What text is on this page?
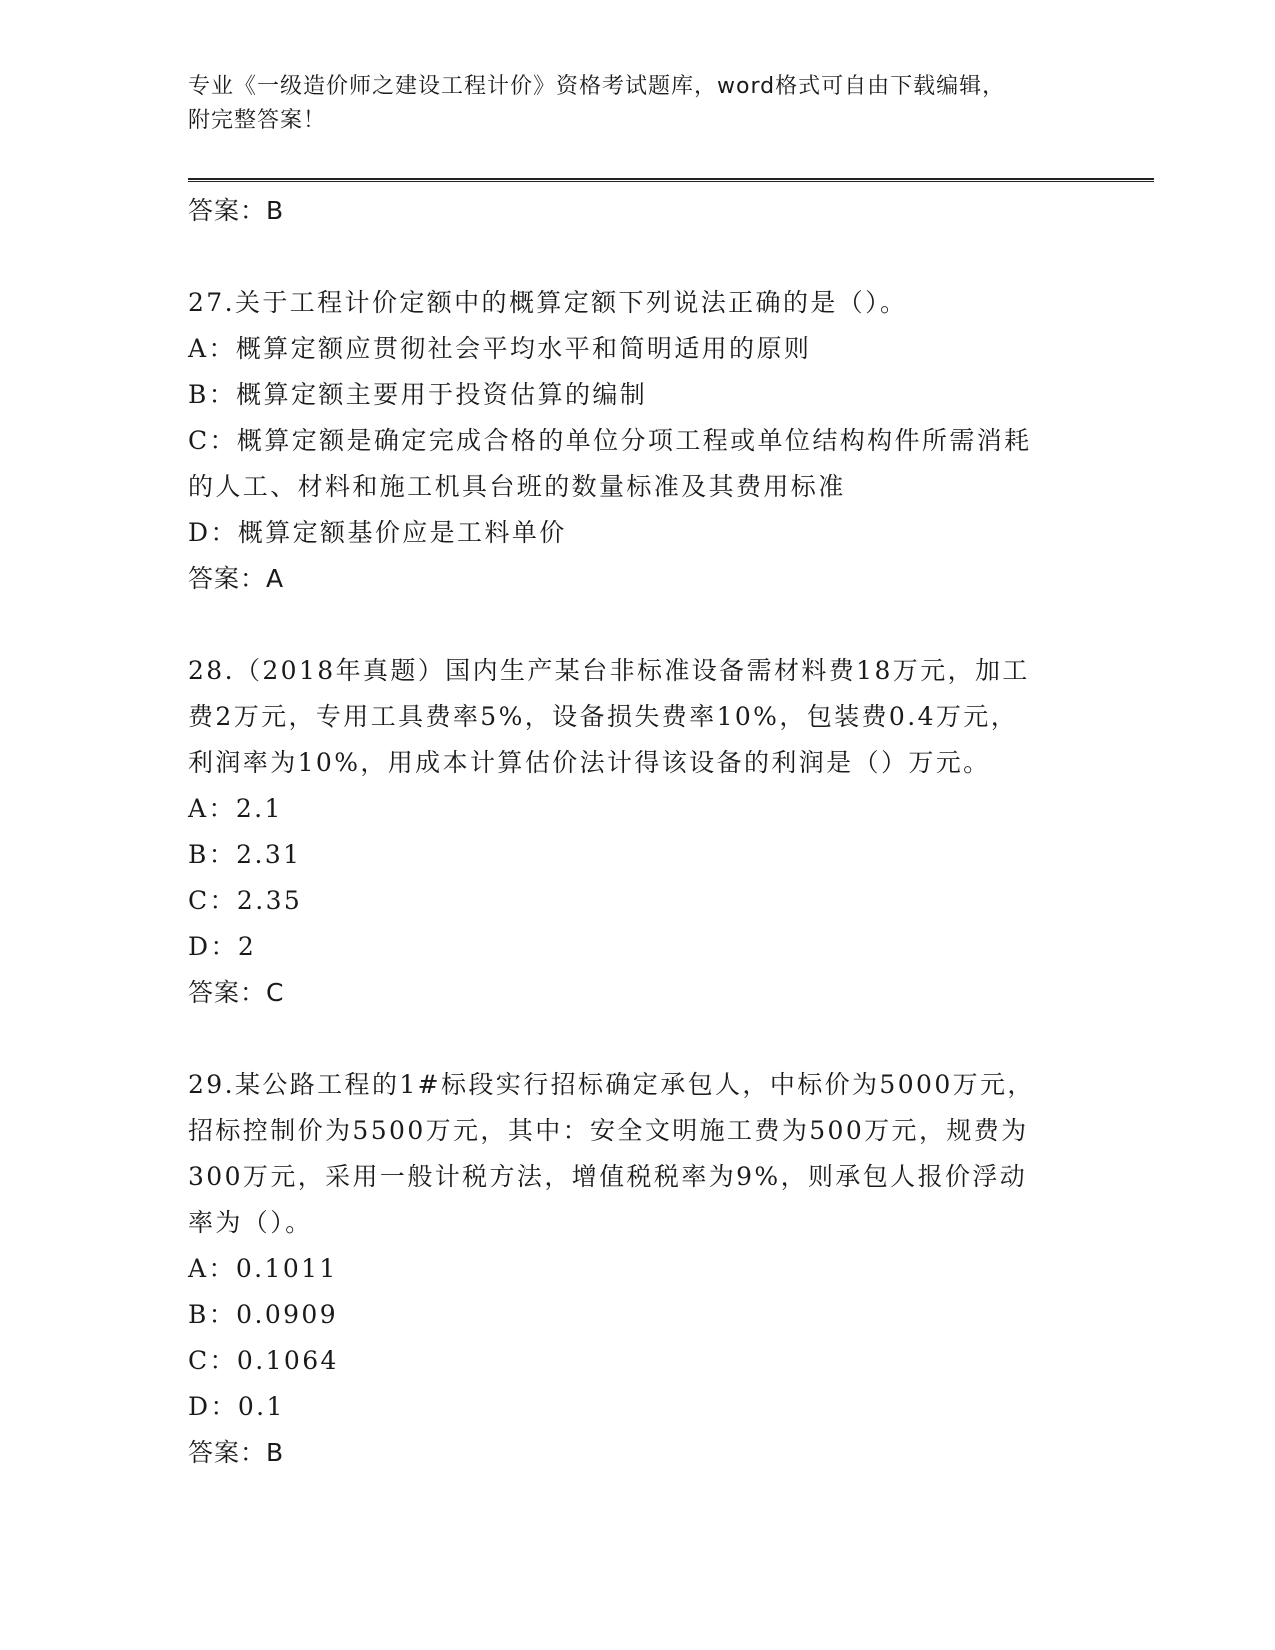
专业《一级造价师之建设工程计价》资格考试题库，word格式可自由下载编辑，
附完整答案！
答案：B
27.关于工程计价定额中的概算定额下列说法正确的是（）。
A：概算定额应贯彻社会平均水平和简明适用的原则
B：概算定额主要用于投资估算的编制
C：概算定额是确定完成合格的单位分项工程或单位结构构件所需消耗
的人工、材料和施工机具台班的数量标准及其费用标准
D：概算定额基价应是工料单价
答案：A
28.（2018年真题）国内生产某台非标准设备需材料费18万元，加工
费2万元，专用工具费率5%，设备损失费率10%，包装费0.4万元，
利润率为10%，用成本计算估价法计得该设备的利润是（）万元。
A：2.1
B：2.31
C：2.35
D：2
答案：C
29.某公路工程的1#标段实行招标确定承包人，中标价为5000万元，
招标控制价为5500万元，其中：安全文明施工费为500万元，规费为
300万元，采用一般计税方法，增值税税率为9%，则承包人报价浮动
率为（）。
A：0.1011
B：0.0909
C：0.1064
D：0.1
答案：B
